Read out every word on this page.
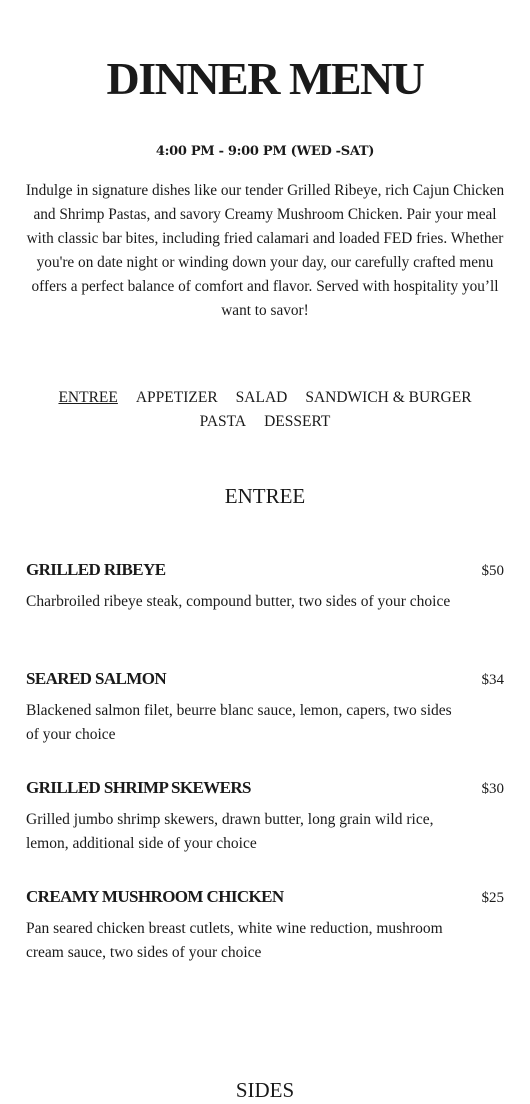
DINNER MENU
4:00 PM - 9:00 PM (WED -SAT)

Indulge in signature dishes like our tender Grilled Ribeye, rich Cajun Chicken and Shrimp Pastas, and savory Creamy Mushroom Chicken. Pair your meal with classic bar bites, including fried calamari and loaded FED fries. Whether you're on date night or winding down your day, our carefully crafted menu offers a perfect balance of comfort and flavor. Served with hospitality you’ll want to savor!

ENTREE APPETIZER SALAD SANDWICH & BURGER
PASTA DESSERT
ENTREE
GRILLED RIBEYE	$50
Charbroiled ribeye steak, compound butter, two sides of your choice
SEARED SALMON	$34
Blackened salmon filet, beurre blanc sauce, lemon, capers, two sides of your choice
GRILLED SHRIMP SKEWERS	$30
Grilled jumbo shrimp skewers, drawn butter, long grain wild rice, lemon, additional side of your choice
CREAMY MUSHROOM CHICKEN	$25
Pan seared chicken breast cutlets, white wine reduction, mushroom cream sauce, two sides of your choice
SIDES
